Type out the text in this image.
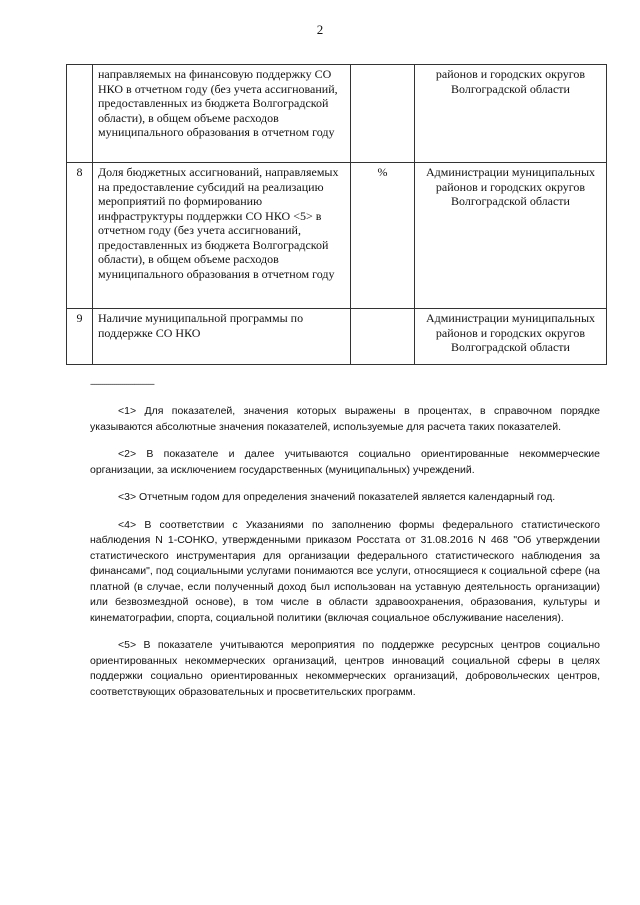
2
	направляемых на финансовую поддержку СО НКО в отчетном году (без учета ассигнований, предоставленных из бюджета Волгоградской области), в общем объеме расходов муниципального образования в отчетном году		районов и городских округов Волгоградской области
8	Доля бюджетных ассигнований, направляемых на предоставление субсидий на реализацию мероприятий по формированию инфраструктуры поддержки СО НКО <5> в отчетном году (без учета ассигнований, предоставленных из бюджета Волгоградской области), в общем объеме расходов муниципального образования в отчетном году	%	Администрации муниципальных районов и городских округов Волгоградской области
9	Наличие муниципальной программы по поддержке СО НКО		Администрации муниципальных районов и городских округов Волгоградской области
--------------------------------

<1> Для показателей, значения которых выражены в процентах, в справочном порядке указываются абсолютные значения показателей, используемые для расчета таких показателей.

<2> В показателе и далее учитываются социально ориентированные некоммерческие организации, за исключением государственных (муниципальных) учреждений.

<3> Отчетным годом для определения значений показателей является календарный год.

<4> В соответствии с Указаниями по заполнению формы федерального статистического наблюдения N 1-СОНКО, утвержденными приказом Росстата от 31.08.2016 N 468 "Об утверждении статистического инструментария для организации федерального статистического наблюдения за финансами", под социальными услугами понимаются все услуги, относящиеся к социальной сфере (на платной (в случае, если полученный доход был использован на уставную деятельность организации) или безвозмездной основе), в том числе в области здравоохранения, образования, культуры и кинематографии, спорта, социальной политики (включая социальное обслуживание населения).

<5> В показателе учитываются мероприятия по поддержке ресурсных центров социально ориентированных некоммерческих организаций, центров инноваций социальной сферы в целях поддержки социально ориентированных некоммерческих организаций, добровольческих центров, соответствующих образовательных и просветительских программ.
